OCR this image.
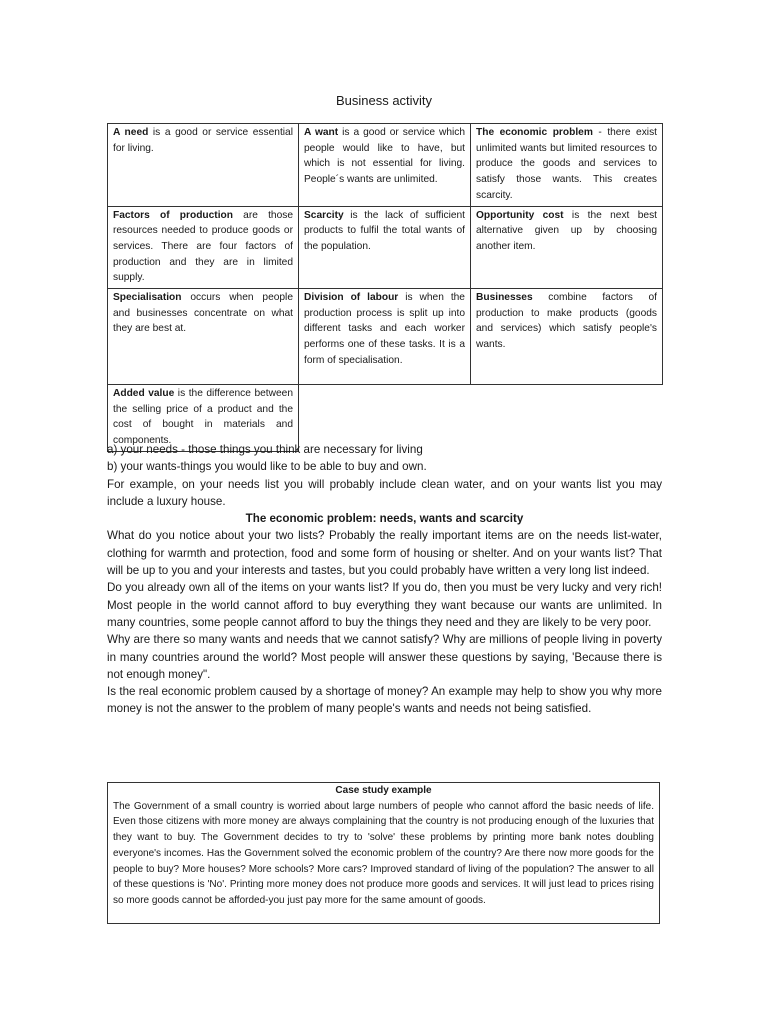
Business activity
A need is a good or service essential for living.	A want is a good or service which people would like to have, but which is not essential for living. People´s wants are unlimited.	The economic problem - there exist unlimited wants but limited resources to produce the goods and services to satisfy those wants. This creates scarcity.
Factors of production are those resources needed to produce goods or services. There are four factors of production and they are in limited supply.	Scarcity is the lack of sufficient products to fulfil the total wants of the population.	Opportunity cost is the next best alternative given up by choosing another item.
Specialisation occurs when people and businesses concentrate on what they are best at.	Division of labour is when the production process is split up into different tasks and each worker performs one of these tasks. It is a form of specialisation.	Businesses combine factors of production to make products (goods and services) which satisfy people's wants.
Added value is the difference between the selling price of a product and the cost of bought in materials and components.		

a) your needs - those things you think are necessary for living

b) your wants-things you would like to be able to buy and own.

For example, on your needs list you will probably include clean water, and on your wants list you may include a luxury house.

The economic problem: needs, wants and scarcity

What do you notice about your two lists? Probably the really important items are on the needs list-water, clothing for warmth and protection, food and some form of housing or shelter. And on your wants list? That will be up to you and your interests and tastes, but you could probably have written a very long list indeed.

Do you already own all of the items on your wants list? If you do, then you must be very lucky and very rich! Most people in the world cannot afford to buy everything they want because our wants are unlimited. In many countries, some people cannot afford to buy the things they need and they are likely to be very poor.

Why are there so many wants and needs that we cannot satisfy? Why are millions of people living in poverty in many countries around the world? Most people will answer these questions by saying, 'Because there is not enough money".

Is the real economic problem caused by a shortage of money? An example may help to show you why more money is not the answer to the problem of many people's wants and needs not being satisfied.

Case study example
The Government of a small country is worried about large numbers of people who cannot afford the basic needs of life. Even those citizens with more money are always complaining that the country is not producing enough of the luxuries that they want to buy. The Government decides to try to 'solve' these problems by printing more bank notes doubling everyone's incomes. Has the Government solved the economic problem of the country? Are there now more goods for the people to buy? More houses? More schools? More cars? Improved standard of living of the population? The answer to all of these questions is 'No'. Printing more money does not produce more goods and services. It will just lead to prices rising so more goods cannot be afforded-you just pay more for the same amount of goods.
